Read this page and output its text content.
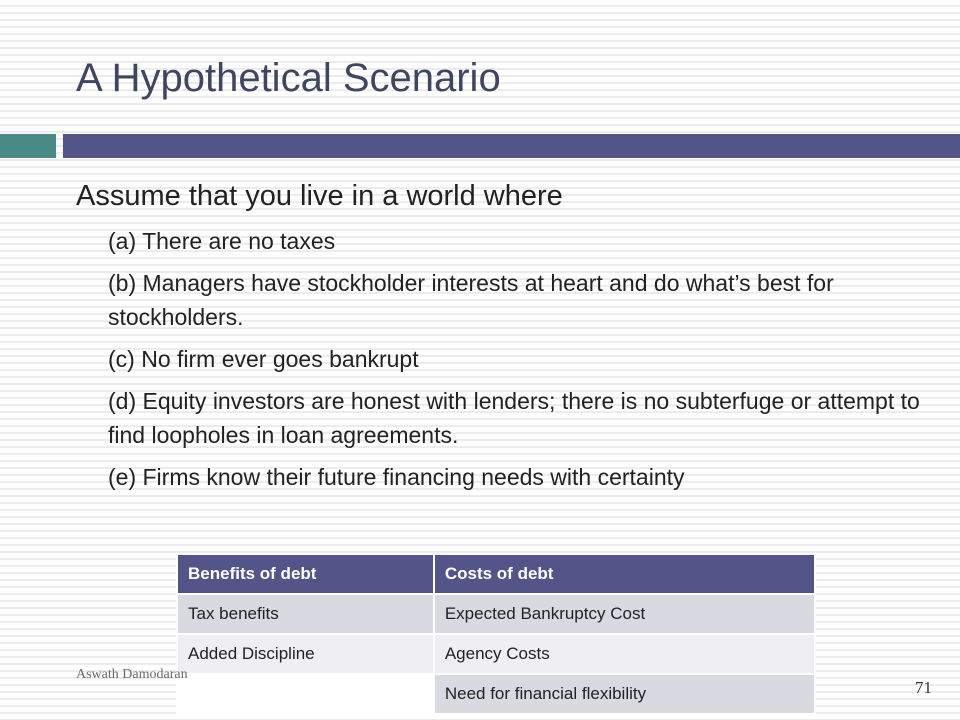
A Hypothetical Scenario
Assume that you live in a world where
(a) There are no taxes
(b) Managers have stockholder interests at heart and do what’s best for stockholders.
(c) No firm ever goes bankrupt
(d) Equity investors are honest with lenders; there is no subterfuge or attempt to find loopholes in loan agreements.
(e) Firms know their future financing needs with certainty
Benefits of debt	Costs of debt
Tax benefits	Expected Bankruptcy Cost
Added Discipline	Agency Costs
	Need for financial flexibility
Aswath Damodaran
71
